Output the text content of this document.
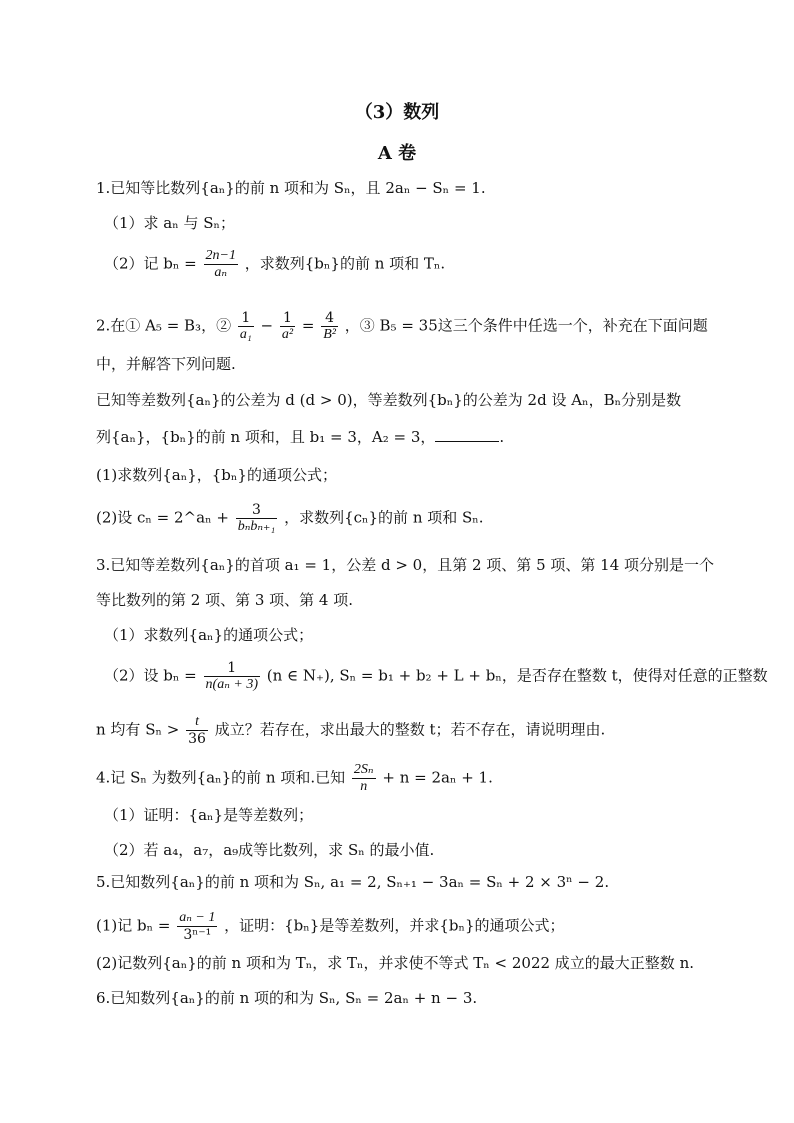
（3）数列
A 卷
1.已知等比数列{aₙ}的前 n 项和为 Sₙ，且 2aₙ − Sₙ = 1.
（1）求 aₙ 与 Sₙ；
（2）记 $b_n = \frac{2n-1}{\text{aₙ}}$ ，求数列{bₙ}的前 n 项和 Tₙ.
2.在① A₅ = B₃，② $\frac{1}{\text{a₁}} - \frac{1}{\text{a²}} = \frac{4}{\text{B²}}$ ，③ B₅ = 35这三个条件中任选一个，补充在下面问题
中，并解答下列问题.
已知等差数列{aₙ}的公差为 d (d > 0)，等差数列{bₙ}的公差为 2d 设 Aₙ，Bₙ分别是数
列{aₙ}，{bₙ}的前 n 项和，且 b₁ = 3，A₂ = 3，	.
(1)求数列{aₙ}，{bₙ}的通项公式；
(2)设 cₙ = 2^aₙ + $\frac{3}{\text{bₙbₙ₊₁}}$ ，求数列{cₙ}的前 n 项和 Sₙ.
3.已知等差数列{aₙ}的首项 a₁ = 1，公差 d > 0，且第 2 项、第 5 项、第 14 项分别是一个
等比数列的第 2 项、第 3 项、第 4 项.
（1）求数列{aₙ}的通项公式；
（2）设 $b_n = \frac{1}{\text{n(aₙ + 3)}} (n$ ∈ N₊), Sₙ = b₁ + b₂ + L + bₙ，是否存在整数 t，使得对任意的正整数
n 均有 $S_n > \frac{t}{36}$ 成立？若存在，求出最大的整数 t；若不存在，请说明理由.
4.记 Sₙ 为数列{aₙ}的前 n 项和.已知 $\frac{\text{2Sₙ}}{n} + n = 2a_n + 1$.
（1）证明：{aₙ}是等差数列；
（2）若 a₄，a₇，a₉成等比数列，求 Sₙ 的最小值.
5.已知数列{aₙ}的前 n 项和为 Sₙ, a₁ = 2, Sₙ₊₁ − 3aₙ = Sₙ + 2 × 3ⁿ − 2.
(1)记 $b_n = \frac{\text{aₙ − 1}}{\text{3ⁿ⁻¹}}$ ，证明：{bₙ}是等差数列，并求{bₙ}的通项公式；
(2)记数列{aₙ}的前 n 项和为 Tₙ，求 Tₙ，并求使不等式 Tₙ < 2022 成立的最大正整数 n.
6.已知数列{aₙ}的前 n 项的和为 Sₙ, Sₙ = 2aₙ + n − 3.
